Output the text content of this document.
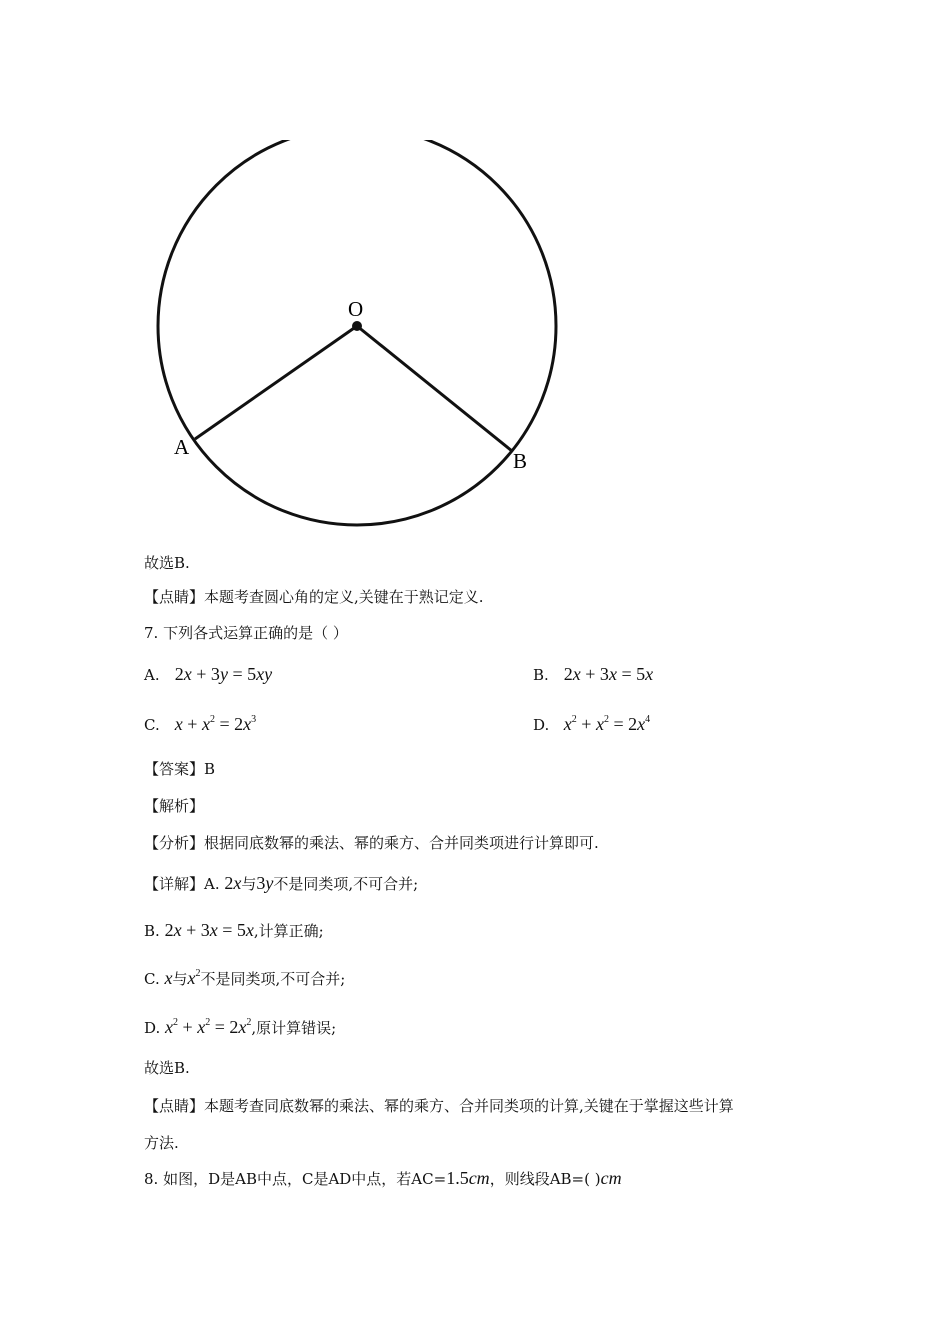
O
A
B
故选B.
【点睛】本题考查圆心角的定义,关键在于熟记定义.
7. 下列各式运算正确的是（ ）
A. 2x + 3y = 5xy	B. 2x + 3x = 5x
C. $x + x^2 = 2x^3$	D. $x^2 + x^2 = 2x^4$
【答案】B
【解析】
【分析】根据同底数幂的乘法、幂的乘方、合并同类项进行计算即可.
【详解】A. 2x与3y不是同类项,不可合并;
B. 2x + 3x = 5x,计算正确;
C. x与$x^2$不是同类项,不可合并;
D. $x^2 + x^2 = 2x^2$,原计算错误;
故选B.
【点睛】本题考查同底数幂的乘法、幂的乘方、合并同类项的计算,关键在于掌握这些计算
方法.
8. 如图，D是AB中点，C是AD中点，若AC=1.5cm，则线段AB=( )cm
